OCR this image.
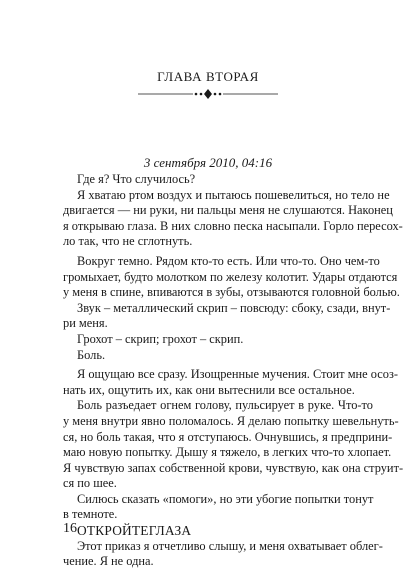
ГЛАВА ВТОРАЯ
3 сентября 2010, 04:16
Где я? Что случилось?
Я хватаю ртом воздух и пытаюсь пошевелиться, но тело не
двигается — ни руки, ни пальцы меня не слушаются. Наконец
я открываю глаза. В них словно песка насыпали. Горло пересох-
ло так, что не сглотнуть.
Вокруг темно. Рядом кто-то есть. Или что-то. Оно чем-то
громыхает, будто молотком по железу колотит. Удары отдаются
у меня в спине, впиваются в зубы, отзываются головной болью.
Звук – металлический скрип – повсюду: сбоку, сзади, внут-
ри меня.
Грохот – скрип; грохот – скрип.
Боль.
Я ощущаю все сразу. Изощренные мучения. Стоит мне осоз-
нать их, ощутить их, как они вытеснили все остальное.
Боль разъедает огнем голову, пульсирует в руке. Что-то
у меня внутри явно поломалось. Я делаю попытку шевельнуть-
ся, но боль такая, что я отступаюсь. Очнувшись, я предприни-
маю новую попытку. Дышу я тяжело, в легких что-то хлопает.
Я чувствую запах собственной крови, чувствую, как она струит-
ся по шее.
Силюсь сказать «помоги», но эти убогие попытки тонут
в темноте.
ОТКРОЙТЕГЛАЗА
Этот приказ я отчетливо слышу, и меня охватывает облег-
чение. Я не одна.
16
